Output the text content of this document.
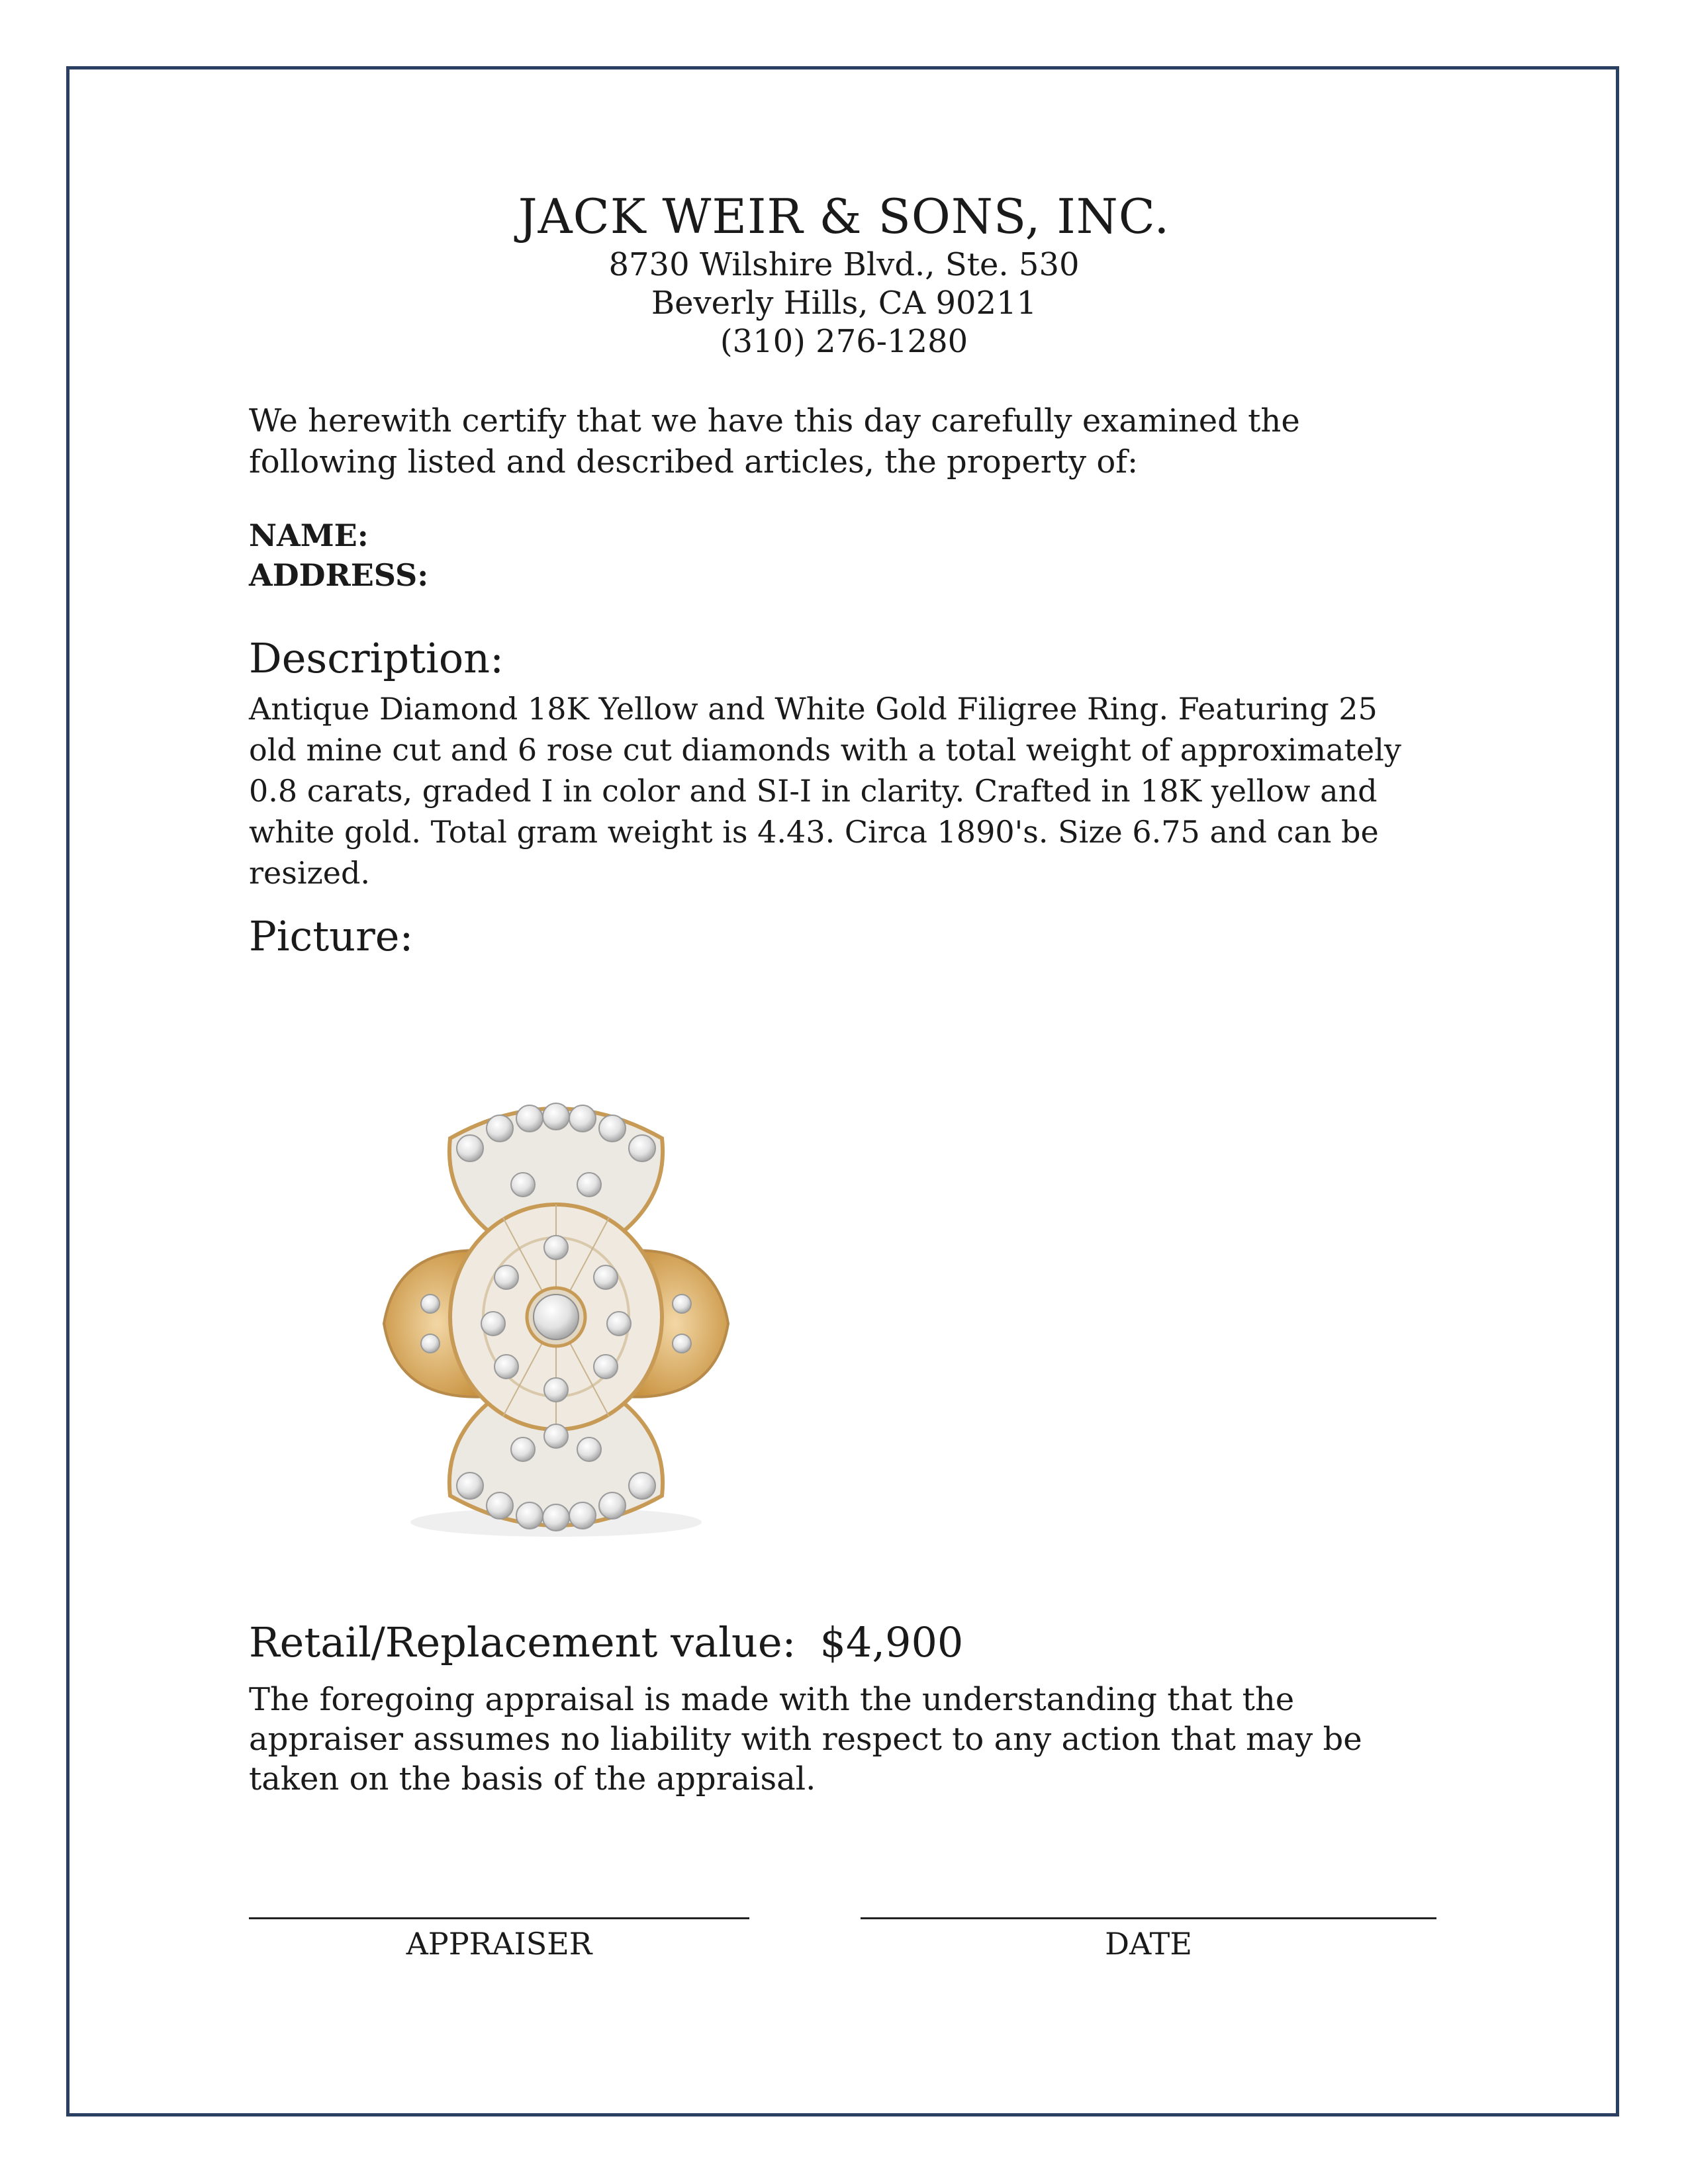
JACK WEIR & SONS, INC.
8730 Wilshire Blvd., Ste. 530
Beverly Hills, CA 90211
(310) 276-1280
We herewith certify that we have this day carefully examined the following listed and described articles, the property of:
NAME:
ADDRESS:
Description:
Antique Diamond 18K Yellow and White Gold Filigree Ring. Featuring 25 old mine cut and 6 rose cut diamonds with a total weight of approximately 0.8 carats, graded I in color and SI-I in clarity. Crafted in 18K yellow and white gold. Total gram weight is 4.43. Circa 1890's. Size 6.75 and can be resized.
Picture:
Retail/Replacement value: $4,900
The foregoing appraisal is made with the understanding that the appraiser assumes no liability with respect to any action that may be taken on the basis of the appraisal.
APPRAISER	DATE
